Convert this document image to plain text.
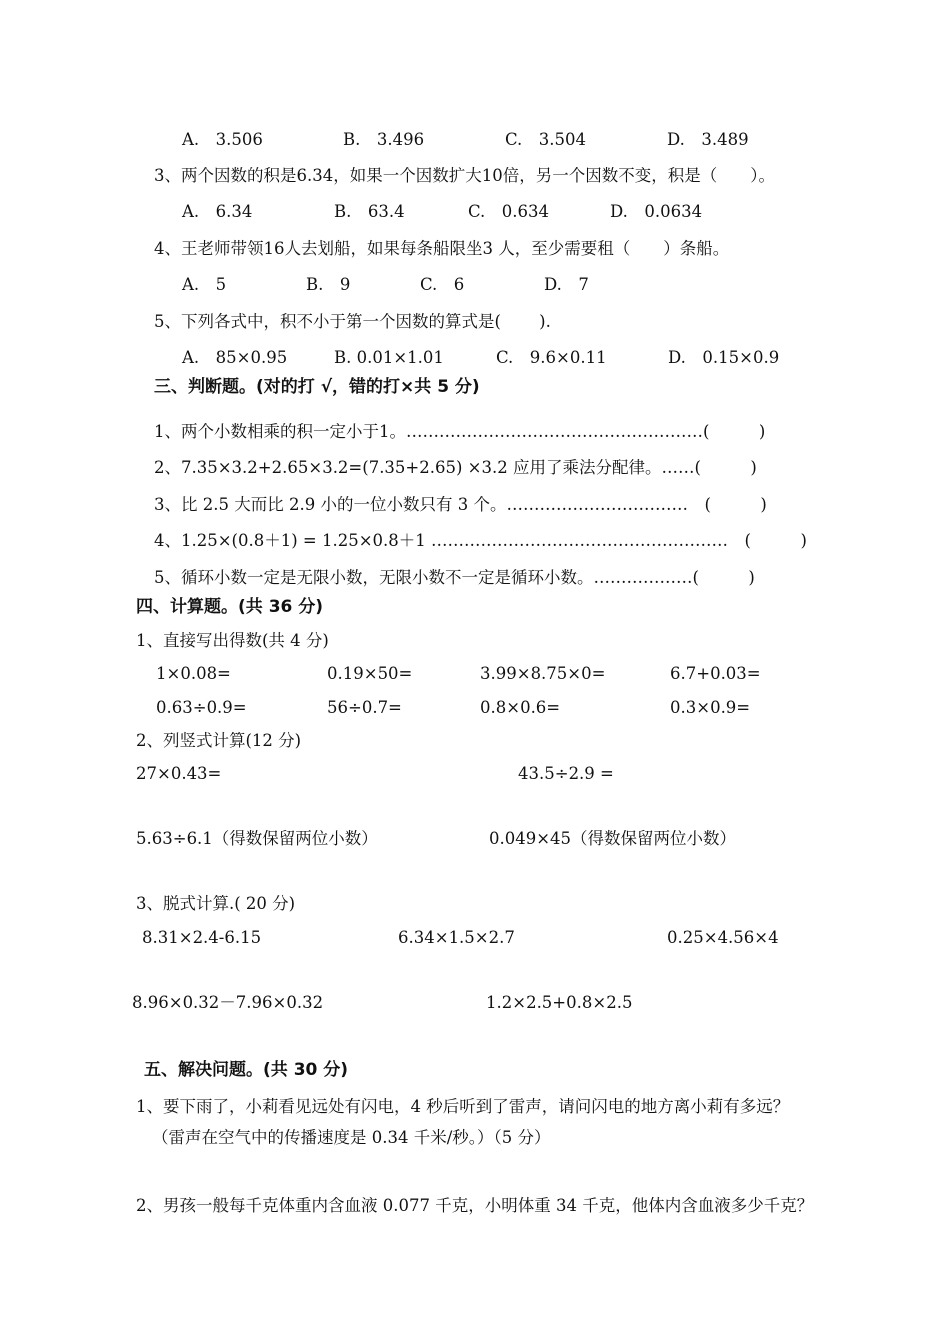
A.　3.506	B.　3.496	C.　3.504	D.　3.489
3、两个因数的积是6.34，如果一个因数扩大10倍，另一个因数不变，积是（　　）。
A.　6.34	B.　63.4	C.　0.634	D.　0.0634
4、王老师带领16人去划船，如果每条船限坐3 人，至少需要租（　　）条船。
A.　5	B.　9	C.　6	D.　7
5、下列各式中，积不小于第一个因数的算式是(　　 ).
A.　85×0.95	B. 0.01×1.01	C.　9.6×0.11	D.　0.15×0.9
三、判断题。(对的打 √，错的打×共 5 分)
1、两个小数相乘的积一定小于1。………………………………………………(　　　)
2、7.35×3.2+2.65×3.2=(7.35+2.65) ×3.2 应用了乘法分配律。……(　　　)
3、比 2.5 大而比 2.9 小的一位小数只有 3 个。……………………………　 (　　　)
4、1.25×(0.8＋1) = 1.25×0.8＋1 ………………………………………………　 (　　　)
5、循环小数一定是无限小数，无限小数不一定是循环小数。………………(　　　)
四、计算题。(共 36 分)
1、直接写出得数(共 4 分)
1×0.08=	0.19×50=	3.99×8.75×0=	6.7+0.03=
0.63÷0.9=	56÷0.7=	0.8×0.6=	0.3×0.9=
2、列竖式计算(12 分)
27×0.43=	43.5÷2.9 =
5.63÷6.1（得数保留两位小数）	0.049×45（得数保留两位小数）
3、脱式计算.( 20 分)
8.31×2.4-6.15	6.34×1.5×2.7	0.25×4.56×4
8.96×0.32－7.96×0.32	1.2×2.5+0.8×2.5
五、解决问题。(共 30 分)
1、要下雨了，小莉看见远处有闪电，4 秒后听到了雷声，请问闪电的地方离小莉有多远？
（雷声在空气中的传播速度是 0.34 千米/秒。）（5 分）
2、男孩一般每千克体重内含血液 0.077 千克，小明体重 34 千克，他体内含血液多少千克？
